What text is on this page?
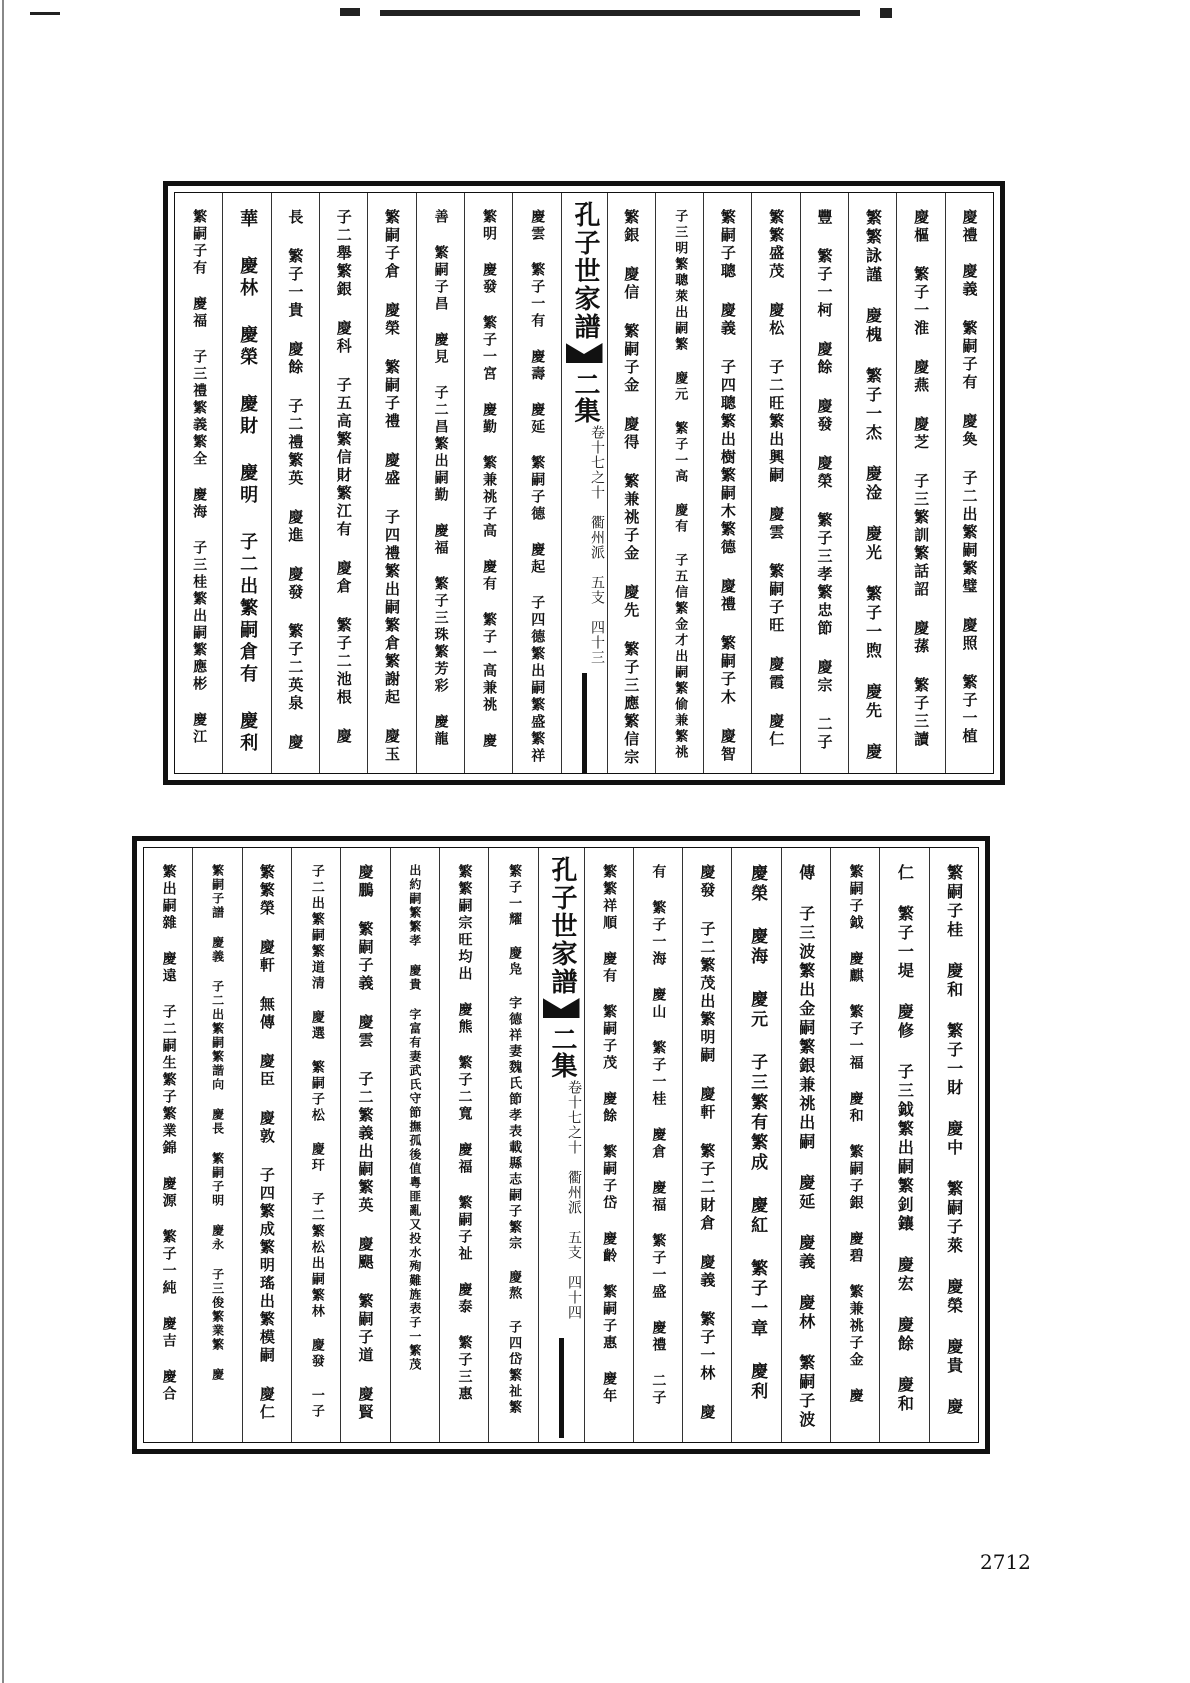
慶禮　慶義 繁嗣子有 慶奐 子二出繁嗣繁璧 慶照 繁子一植
慶樞 繁子一淮 慶燕 慶芝 子三繁訓繁話詔 慶蓀 繁子三讀
繁繁詠謹 慶槐 繁子一杰 慶淦 慶光 繁子一煦 慶先 慶
豐 繁子一柯 慶餘 慶發 慶榮 繁子三孝繁忠節 慶宗 二子
繁繁盛茂 慶松 子二旺繁出興嗣 慶雲 繁嗣子旺 慶霞 慶仁
繁嗣子聰 慶義 子四聰繁出樹繁嗣木繁德 慶禮 繁嗣子木 慶智
子三明繁聰萊出嗣繁 慶元 繁子一高 慶有 子五信繁金才出嗣繁偷兼繁祧
繁銀 慶信 繁嗣子金 慶得 繁兼祧子金 慶先 繁子三應繁信宗
孔子世家譜
二集
卷十七之十　衢州派　五支　四十三
慶雲 繁子一有 慶壽 慶延 繁嗣子德 慶起 子四德繁出嗣繁盛繁祥
繁明 慶發 繁子一宮 慶勤 繁兼祧子高 慶有 繁子一高兼祧 慶
善 繁嗣子昌 慶見 子二昌繁出嗣勤 慶福 繁子三珠繁芳彩 慶龍
繁嗣子倉 慶榮 繁嗣子禮 慶盛 子四禮繁出嗣繁倉繁謝起 慶玉
子二舉繁銀 慶科 子五高繁信財繁江有 慶倉 繁子二池根 慶
長 繁子一貴 慶餘 子二禮繁英 慶進 慶發 繁子二英泉 慶
華 慶林 慶榮 慶財 慶明 子二出繁嗣倉有 慶利
繁嗣子有 慶福 子三禮繁義繁全 慶海 子三桂繁出嗣繁應彬 慶江
繁嗣子桂 慶和 繁子一財 慶中 繁嗣子萊 慶榮 慶貴 慶
仁 繁子一堤 慶修 子三鉞繁出嗣繁釗鑲 慶宏 慶餘 慶和
繁嗣子鉞 慶麒 繁子一福 慶和 繁嗣子銀 慶碧 繁兼祧子金 慶
傳 子三波繁出金嗣繁銀兼祧出嗣 慶延 慶義 慶林 繁嗣子波
慶榮 慶海 慶元 子三繁有繁成 慶紅 繁子一章 慶利
慶發 子二繁茂出繁明嗣 慶軒 繁子二財倉 慶義 繁子一林 慶
有 繁子一海 慶山 繁子一桂 慶倉 慶福 繁子一盛 慶禮 二子
繁繁祥順 慶有 繁嗣子茂 慶餘 繁嗣子岱 慶齡 繁嗣子惠 慶年
孔子世家譜
二集
卷十七之十　衢州派　五支　四十四
繁子一耀 慶凫 字德祥妻魏氏節孝表載縣志嗣子繁宗 慶熬 子四岱繁祉繁
繁繁嗣宗旺均出 慶熊 繁子二寬 慶福 繁嗣子祉 慶泰 繁子三惠
出約嗣繁繁孝 慶貴 字富有妻武氏守節撫孤後值粵匪亂又投水殉難旌表子一繁茂
慶鵬 繁嗣子義 慶雲 子二繁義出嗣繁英 慶颶 繁嗣子道 慶賢
子二出繁嗣繁道清 慶選 繁嗣子松 慶玕 子二繁松出嗣繁林 慶發 一子
繁繁榮 慶軒 無傳 慶臣 慶敦 子四繁成繁明瑤出繁模嗣 慶仁
繁嗣子譜 慶義 子二出繁嗣繁諧向 慶長 繁嗣子明 慶永 子三俊繁業繁 慶
繁出嗣雜 慶遠 子二嗣生繁子繁業錦 慶源 繁子一純 慶吉 慶合
2712
